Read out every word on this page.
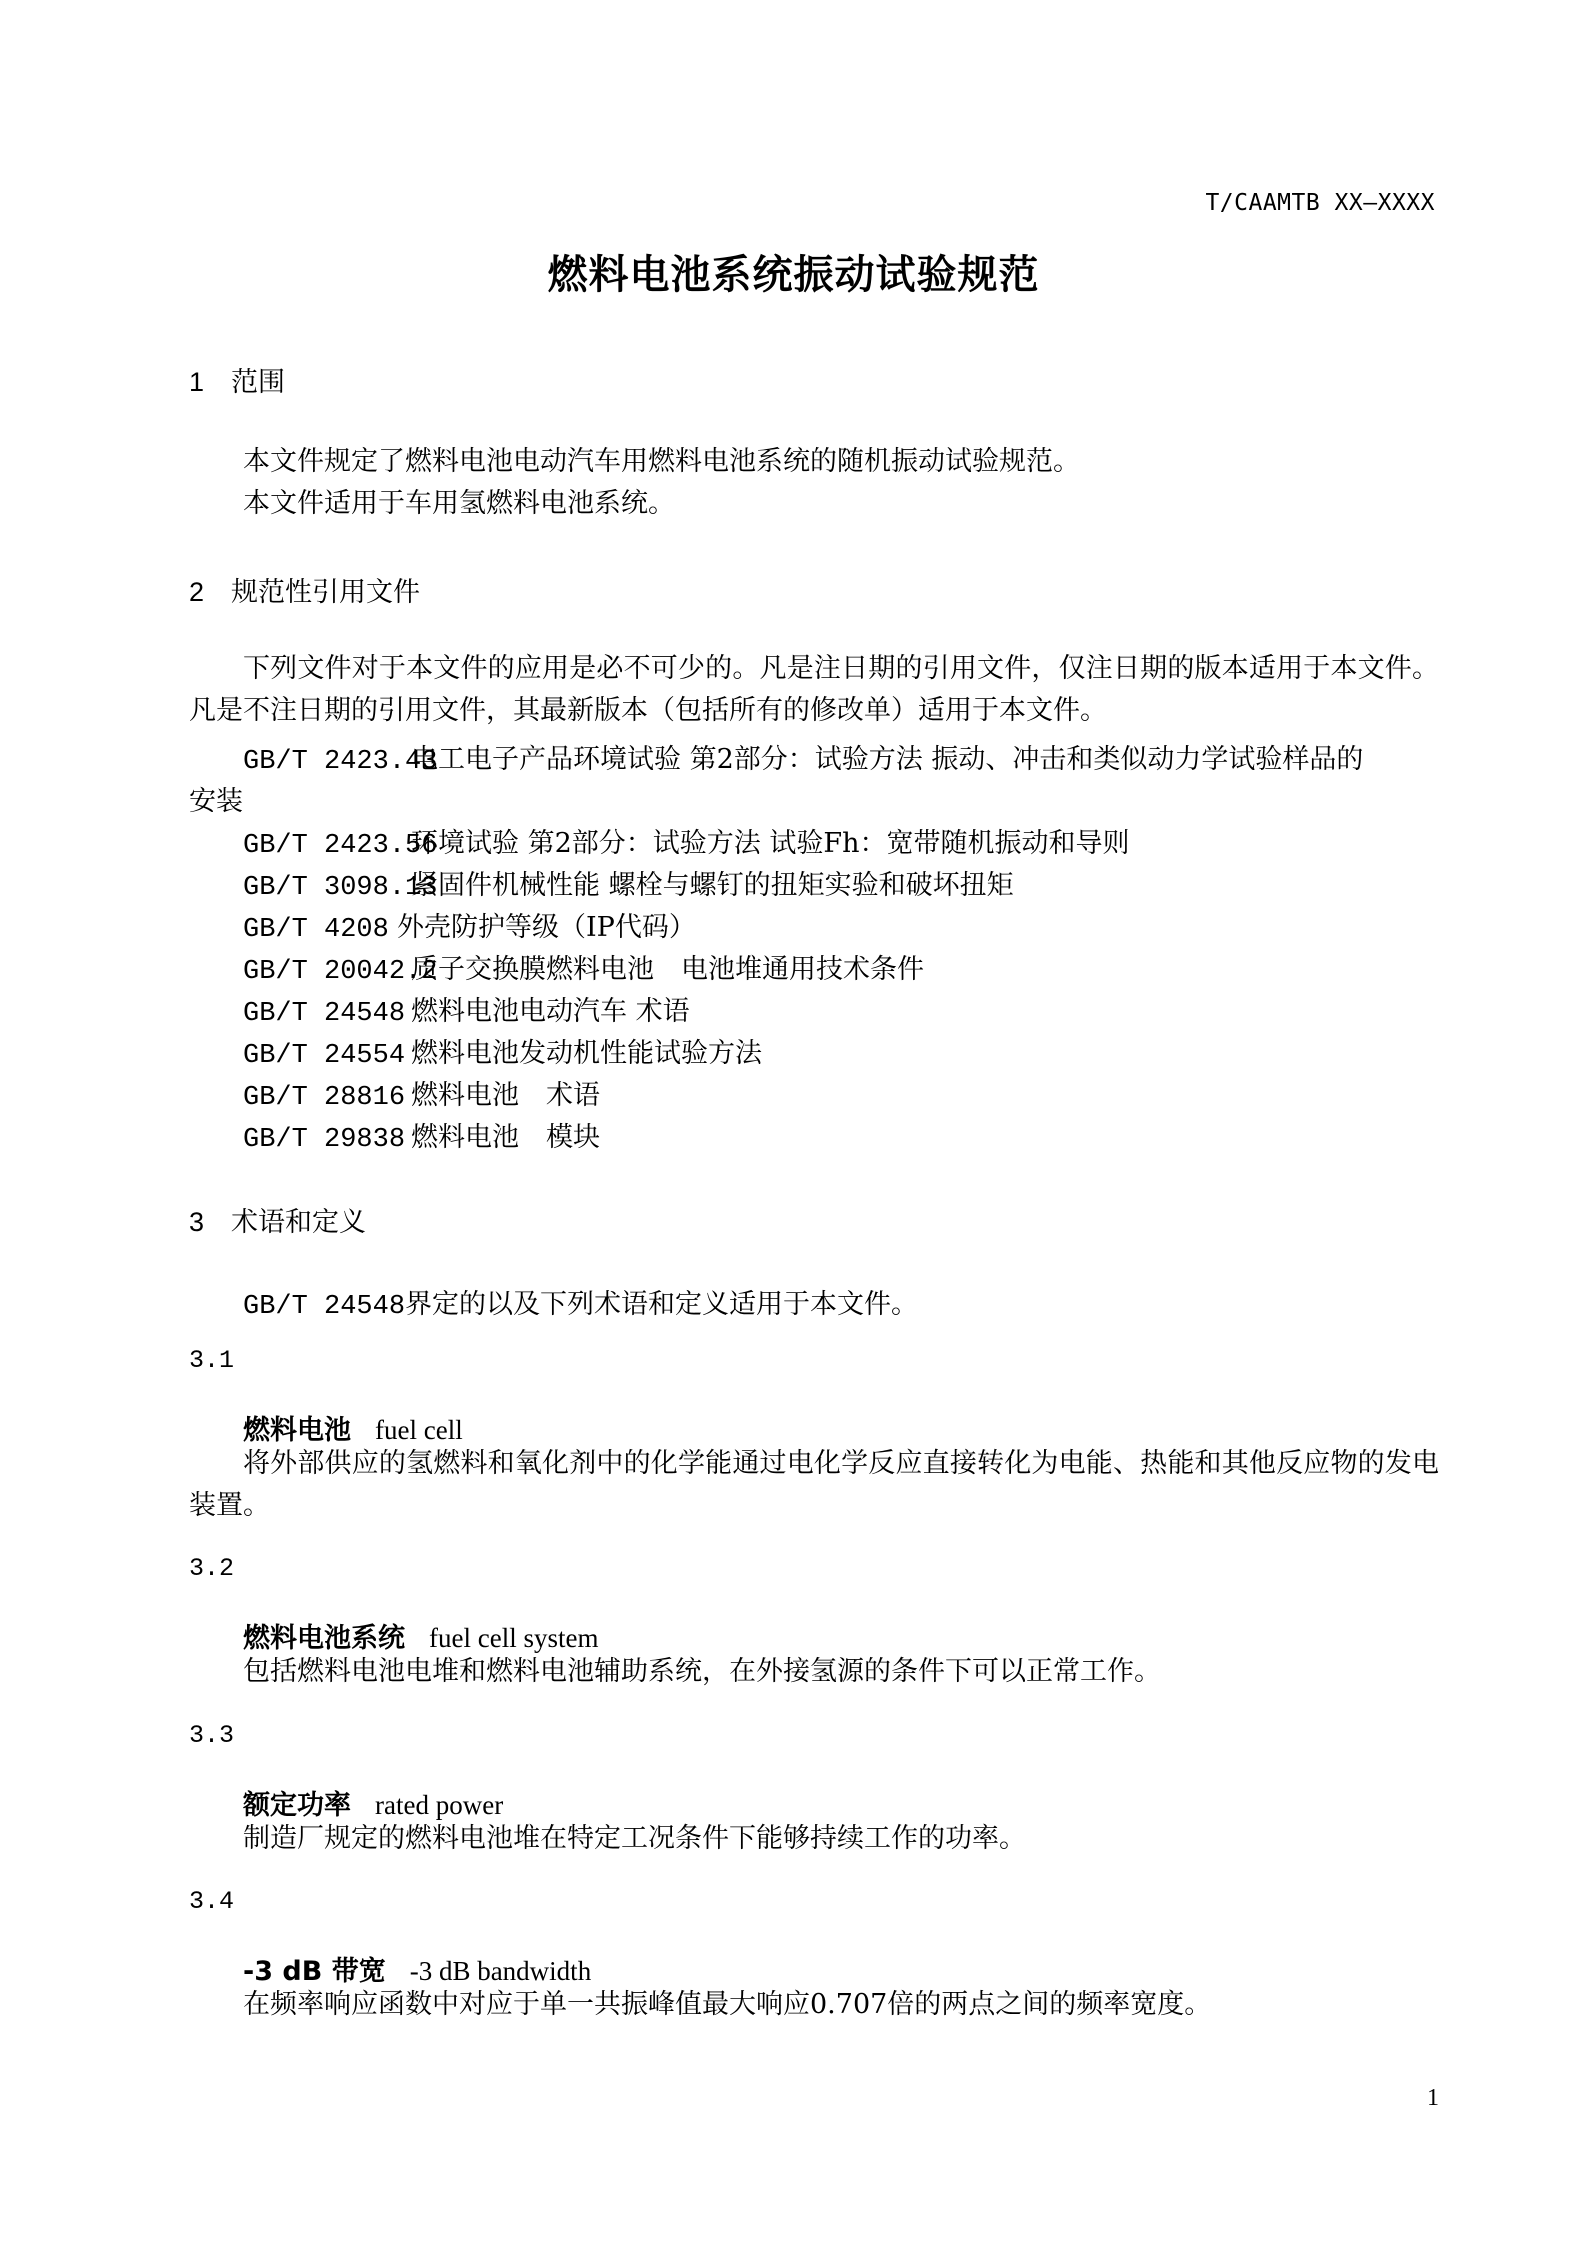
T/CAAMTB XX—XXXX
燃料电池系统振动试验规范
1 范围
本文件规定了燃料电池电动汽车用燃料电池系统的随机振动试验规范。
本文件适用于车用氢燃料电池系统。
2 规范性引用文件
下列文件对于本文件的应用是必不可少的。凡是注日期的引用文件，仅注日期的版本适用于本文件。凡是不注日期的引用文件，其最新版本（包括所有的修改单）适用于本文件。
GB/T 2423.43电工电子产品环境试验 第2部分：试验方法 振动、冲击和类似动力学试验样品的
安装
GB/T 2423.56环境试验 第2部分：试验方法 试验Fh：宽带随机振动和导则
GB/T 3098.13紧固件机械性能 螺栓与螺钉的扭矩实验和破坏扭矩
GB/T 4208 外壳防护等级（IP代码）
GB/T 20042.2质子交换膜燃料电池　电池堆通用技术条件
GB/T 24548 燃料电池电动汽车 术语
GB/T 24554 燃料电池发动机性能试验方法
GB/T 28816 燃料电池　术语
GB/T 29838 燃料电池　模块
3 术语和定义
GB/T 24548界定的以及下列术语和定义适用于本文件。
3.1
燃料电池 fuel cell
将外部供应的氢燃料和氧化剂中的化学能通过电化学反应直接转化为电能、热能和其他反应物的发电装置。
3.2
燃料电池系统 fuel cell system
包括燃料电池电堆和燃料电池辅助系统，在外接氢源的条件下可以正常工作。
3.3
额定功率 rated power
制造厂规定的燃料电池堆在特定工况条件下能够持续工作的功率。
3.4
-3 dB 带宽 -3 dB bandwidth
在频率响应函数中对应于单一共振峰值最大响应0.707倍的两点之间的频率宽度。
1
